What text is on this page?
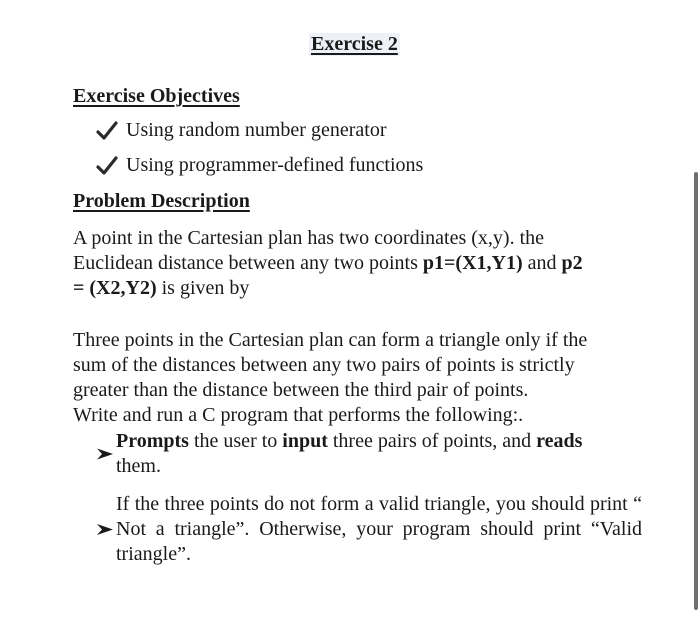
Exercise 2
Exercise Objectives
Using random number generator
Using programmer-defined functions
Problem Description
A point in the Cartesian plan has two coordinates (x,y). the
Euclidean distance between any two points p1=(X1,Y1) and p2
= (X2,Y2) is given by
Three points in the Cartesian plan can form a triangle only if the
sum of the distances between any two pairs of points is strictly
greater than the distance between the third pair of points.
Write and run a C program that performs the following:.
Prompts the user to input three pairs of points, and reads
them.
If the three points do not form a valid triangle, you should print “ Not a triangle”. Otherwise, your program should print “Valid triangle”.
